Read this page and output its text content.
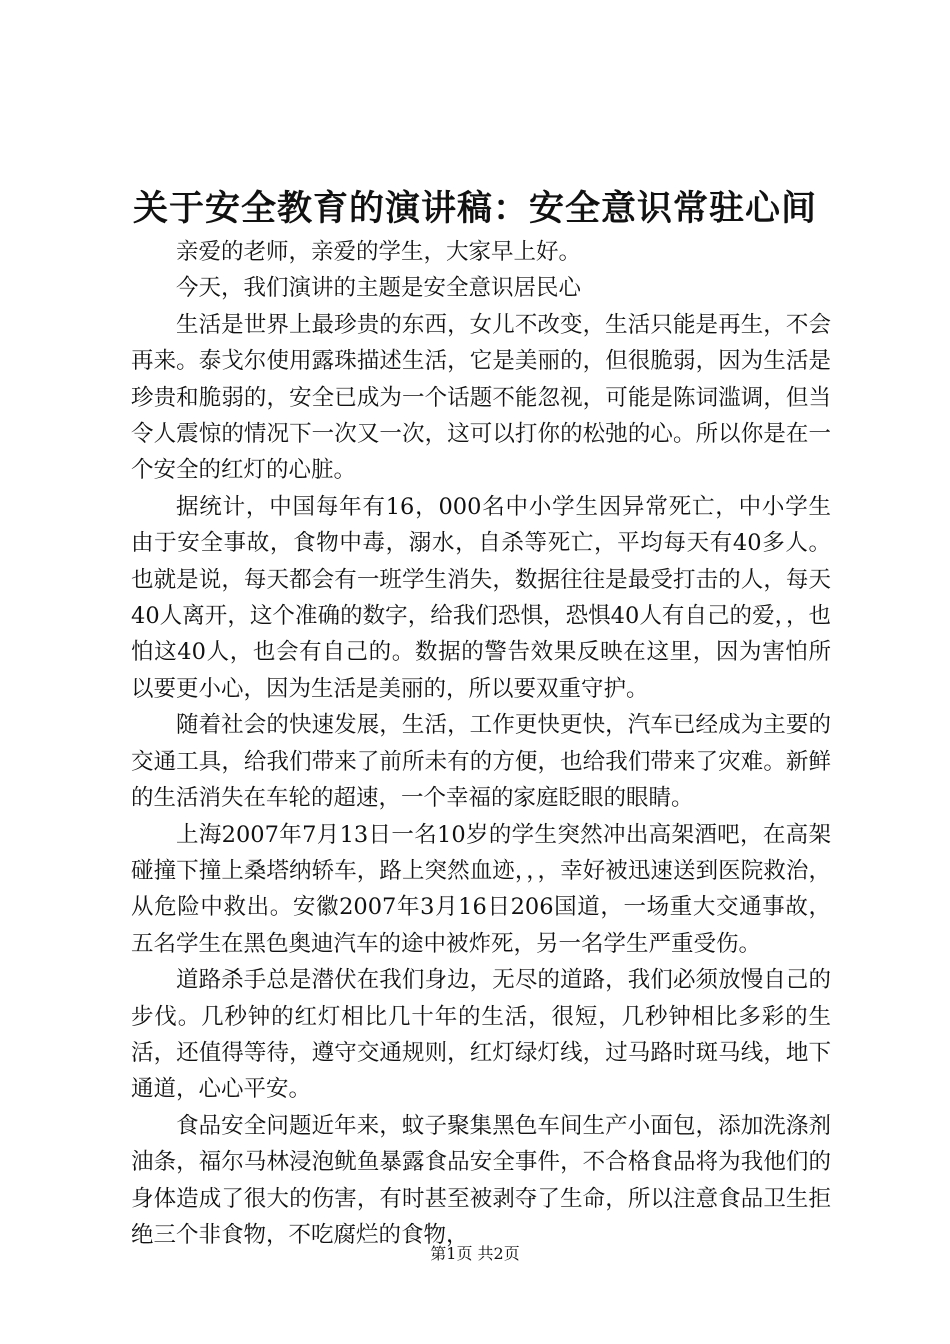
关于安全教育的演讲稿：安全意识常驻心间

亲爱的老师，亲爱的学生，大家早上好。

今天，我们演讲的主题是安全意识居民心

生活是世界上最珍贵的东西，女儿不改变，生活只能是再生，不会再来。泰戈尔使用露珠描述生活，它是美丽的，但很脆弱，因为生活是珍贵和脆弱的，安全已成为一个话题不能忽视，可能是陈词滥调，但当令人震惊的情况下一次又一次，这可以打你的松弛的心。所以你是在一个安全的红灯的心脏。

据统计，中国每年有16，000名中小学生因异常死亡，中小学生由于安全事故，食物中毒，溺水，自杀等死亡，平均每天有40多人。也就是说，每天都会有一班学生消失，数据往往是最受打击的人，每天40人离开，这个准确的数字，给我们恐惧，恐惧40人有自己的爱，，也怕这40人，也会有自己的。数据的警告效果反映在这里，因为害怕所以要更小心，因为生活是美丽的，所以要双重守护。

随着社会的快速发展，生活，工作更快更快，汽车已经成为主要的交通工具，给我们带来了前所未有的方便，也给我们带来了灾难。新鲜的生活消失在车轮的超速，一个幸福的家庭眨眼的眼睛。

上海2007年7月13日一名10岁的学生突然冲出高架酒吧，在高架碰撞下撞上桑塔纳轿车，路上突然血迹，，，幸好被迅速送到医院救治，从危险中救出。安徽2007年3月16日206国道，一场重大交通事故，五名学生在黑色奥迪汽车的途中被炸死，另一名学生严重受伤。

道路杀手总是潜伏在我们身边，无尽的道路，我们必须放慢自己的步伐。几秒钟的红灯相比几十年的生活，很短，几秒钟相比多彩的生活，还值得等待，遵守交通规则，红灯绿灯线，过马路时斑马线，地下通道，心心平安。

食品安全问题近年来，蚊子聚集黑色车间生产小面包，添加洗涤剂油条，福尔马林浸泡鱿鱼暴露食品安全事件，不合格食品将为我他们的身体造成了很大的伤害，有时甚至被剥夺了生命，所以注意食品卫生拒绝三个非食物，不吃腐烂的食物，

第1页 共2页
